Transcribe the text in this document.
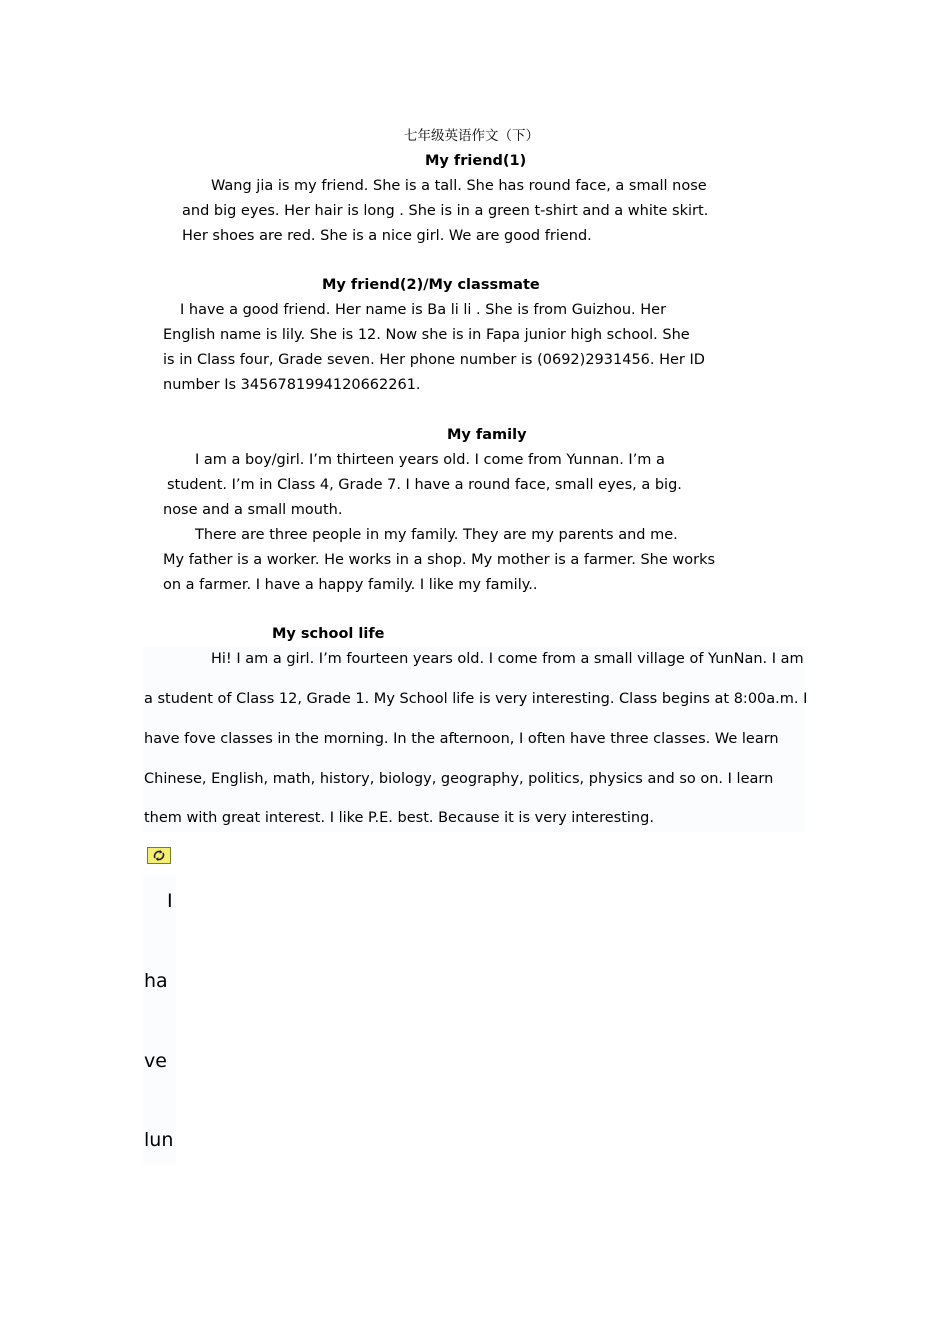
七年级英语作文（下）
My friend(1)
Wang jia is my friend. She is a tall. She has round face, a small nose
and big eyes. Her hair is long . She is in a green t-shirt and a white skirt.
Her shoes are red. She is a nice girl. We are good friend.
My friend(2)/My classmate
I have a good friend. Her name is Ba li li . She is from Guizhou. Her
English name is lily. She is 12. Now she is in Fapa junior high school. She
is in Class four, Grade seven. Her phone number is (0692)2931456. Her ID
number Is 3456781994120662261.
My family
I am a boy/girl. I’m thirteen years old. I come from Yunnan. I’m a
student. I’m in Class 4, Grade 7. I have a round face, small eyes, a big.
nose and a small mouth.
There are three people in my family. They are my parents and me.
My father is a worker. He works in a shop. My mother is a farmer. She works
on a farmer. I have a happy family. I like my family..
My school life
Hi! I am a girl. I’m fourteen years old. I come from a small village of YunNan. I am
a student of Class 12, Grade 1. My School life is very interesting. Class begins at 8:00a.m. I
have fove classes in the morning. In the afternoon, I often have three classes. We learn
Chinese, English, math, history, biology, geography, politics, physics and so on. I learn
them with great interest. I like P.E. best. Because it is very interesting.
I
ha
ve
lun
